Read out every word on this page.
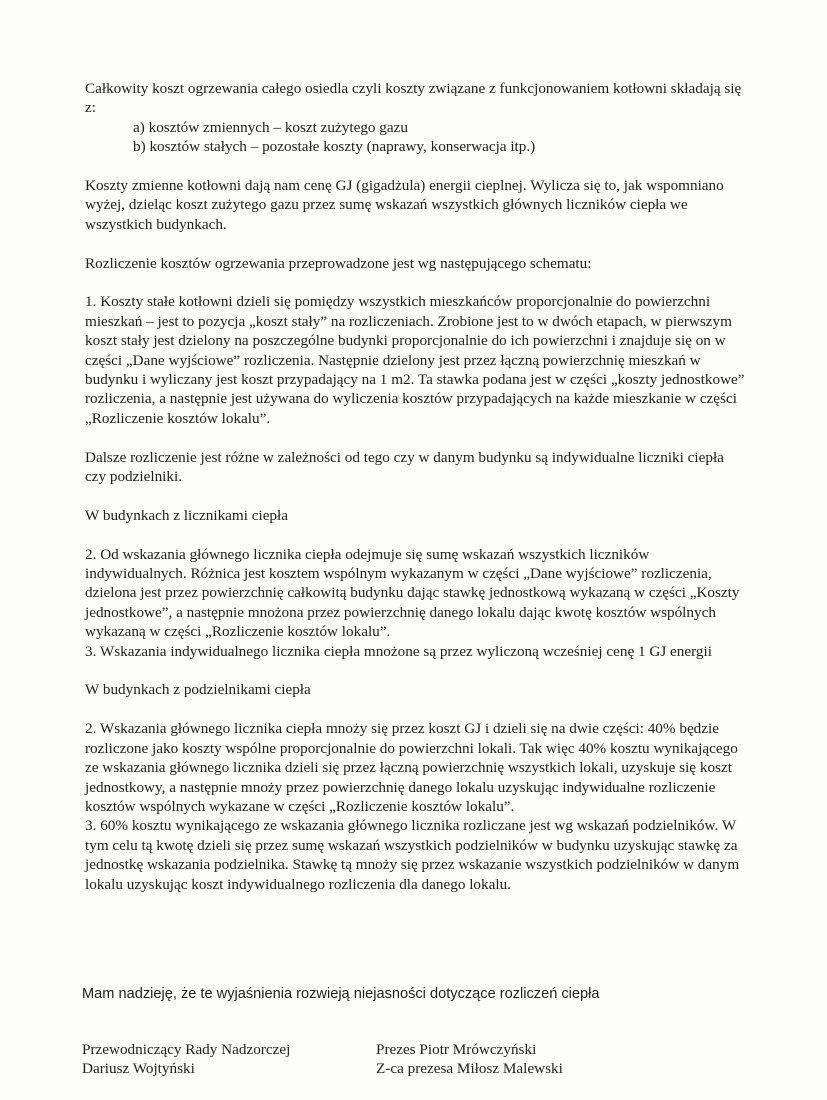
Całkowity koszt ogrzewania całego osiedla czyli koszty związane z funkcjonowaniem kotłowni składają się z:
a) kosztów zmiennych – koszt zużytego gazu
b) kosztów stałych – pozostałe koszty (naprawy, konserwacja itp.)

Koszty zmienne kotłowni dają nam cenę GJ (gigadżula) energii cieplnej. Wylicza się to, jak wspomniano wyżej, dzieląc koszt zużytego gazu przez sumę wskazań wszystkich głównych liczników ciepła we wszystkich budynkach.

Rozliczenie kosztów ogrzewania przeprowadzone jest wg następującego schematu:

1. Koszty stałe kotłowni dzieli się pomiędzy wszystkich mieszkańców proporcjonalnie do powierzchni mieszkań – jest to pozycja „koszt stały” na rozliczeniach. Zrobione jest to w dwóch etapach, w pierwszym koszt stały jest dzielony na poszczególne budynki proporcjonalnie do ich powierzchni i znajduje się on w części „Dane wyjściowe” rozliczenia. Następnie dzielony jest przez łączną powierzchnię mieszkań w budynku i wyliczany jest koszt przypadający na 1 m2. Ta stawka podana jest w części „koszty jednostkowe” rozliczenia, a następnie jest używana do wyliczenia kosztów przypadających na każde mieszkanie w części „Rozliczenie kosztów lokalu”.

Dalsze rozliczenie jest różne w zależności od tego czy w danym budynku są indywidualne liczniki ciepła czy podzielniki.

W budynkach z licznikami ciepła

2. Od wskazania głównego licznika ciepła odejmuje się sumę wskazań wszystkich liczników indywidualnych. Różnica jest kosztem wspólnym wykazanym w części „Dane wyjściowe” rozliczenia, dzielona jest przez powierzchnię całkowitą budynku dając stawkę jednostkową wykazaną w części „Koszty jednostkowe”, a następnie mnożona przez powierzchnię danego lokalu dając kwotę kosztów wspólnych wykazaną w części „Rozliczenie kosztów lokalu”.

3. Wskazania indywidualnego licznika ciepła mnożone są przez wyliczoną wcześniej cenę 1 GJ energii

W budynkach z podzielnikami ciepła

2. Wskazania głównego licznika ciepła mnoży się przez koszt GJ i dzieli się na dwie części: 40% będzie rozliczone jako koszty wspólne proporcjonalnie do powierzchni lokali. Tak więc 40% kosztu wynikającego ze wskazania głównego licznika dzieli się przez łączną powierzchnię wszystkich lokali, uzyskuje się koszt jednostkowy, a następnie mnoży przez powierzchnię danego lokalu uzyskując indywidualne rozliczenie kosztów wspólnych wykazane w części „Rozliczenie kosztów lokalu”.

3. 60% kosztu wynikającego ze wskazania głównego licznika rozliczane jest wg wskazań podzielników. W tym celu tą kwotę dzieli się przez sumę wskazań wszystkich podzielników w budynku uzyskując stawkę za jednostkę wskazania podzielnika. Stawkę tą mnoży się przez wskazanie wszystkich podzielników w danym lokalu uzyskując koszt indywidualnego rozliczenia dla danego lokalu.

Mam nadzieję, że te wyjaśnienia rozwieją niejasności dotyczące rozliczeń ciepła
Przewodniczący Rady Nadzorczej
Dariusz Wojtyński
Prezes Piotr Mrówczyński
Z-ca prezesa Miłosz Malewski
